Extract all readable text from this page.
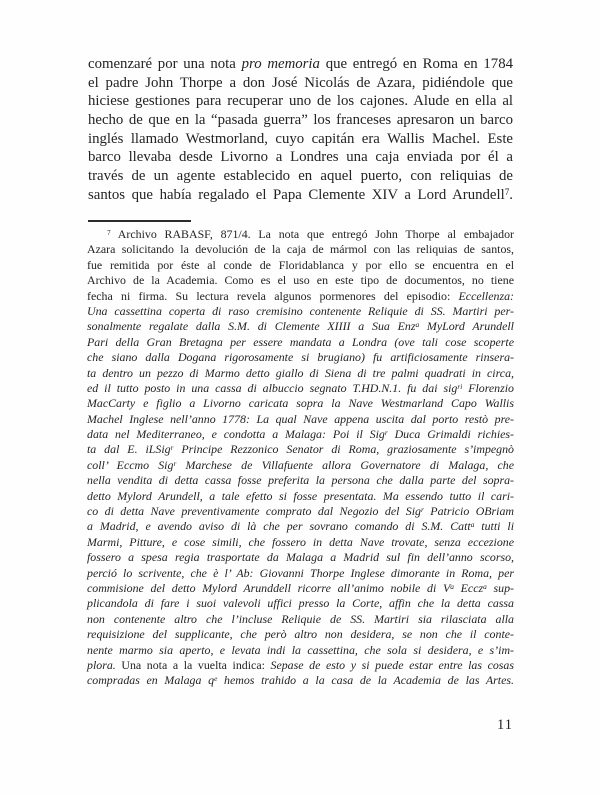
comenzaré por una nota pro memoria que entregó en Roma en 1784
el padre John Thorpe a don José Nicolás de Azara, pidiéndole que
hiciese gestiones para recuperar uno de los cajones. Alude en ella al
hecho de que en la “pasada guerra” los franceses apresaron un barco
inglés llamado Westmorland, cuyo capitán era Wallis Machel. Este
barco llevaba desde Livorno a Londres una caja enviada por él a
través de un agente establecido en aquel puerto, con reliquias de
santos que había regalado el Papa Clemente XIV a Lord Arundell$^7$.
$^7$ Archivo RABASF, 871/4. La nota que entregó John Thorpe al embajador
Azara solicitando la devolución de la caja de mármol con las reliquias de santos,
fue remitida por éste al conde de Floridablanca y por ello se encuentra en el
Archivo de la Academia. Como es el uso en este tipo de documentos, no tiene
fecha ni firma. Su lectura revela algunos pormenores del episodio: Eccellenza:
Una cassettina coperta di raso cremisino contenente Reliquie di SS. Martiri per-
sonalmente regalate dalla S.M. di Clemente XIIII a Sua Enz$^a$ MyLord Arundell
Pari della Gran Bretagna per essere mandata a Londra (ove tali cose scoperte
che siano dalla Dogana rigorosamente si brugiano) fu artificiosamente rinsera-
ta dentro un pezzo di Marmo detto giallo di Siena di tre palmi quadrati in circa,
ed il tutto posto in una cassa di albuccio segnato T.HD.N.1. fu dai sig$^{ri}$ Florenzio
MacCarty e figlio a Livorno caricata sopra la Nave Westmarland Capo Wallis
Machel Inglese nell’anno 1778: La qual Nave appena uscita dal porto restò pre-
data nel Mediterraneo, e condotta a Malaga: Poi il Sig$^r$ Duca Grimaldi richies-
ta dal E. iLSig$^r$ Principe Rezzonico Senator di Roma, graziosamente s’impegnò
coll’ Eccmo Sig$^r$ Marchese de Villafuente allora Governatore di Malaga, che
nella vendita di detta cassa fosse preferita la persona che dalla parte del sopra-
detto Mylord Arundell, a tale efetto si fosse presentata. Ma essendo tutto il cari-
co di detta Nave preventivamente comprato dal Negozio del Sig$^r$ Patricio OBriam
a Madrid, e avendo aviso di là che per sovrano comando di S.M. Catt$^a$ tutti li
Marmi, Pitture, e cose simili, che fossero in detta Nave trovate, senza eccezione
fossero a spesa regia trasportate da Malaga a Madrid sul fin dell’anno scorso,
perció lo scrivente, che è l’ Ab: Giovanni Thorpe Inglese dimorante in Roma, per
commisione del detto Mylord Arunddell ricorre all’animo nobile di $V^a$ Eccz$^a$ sup-
plicandola di fare i suoi valevoli uffici presso la Corte, affin che la detta cassa
non contenente altro che l’incluse Reliquie de SS. Martiri sia rilasciata alla
requisizione del supplicante, che però altro non desidera, se non che il conte-
nente marmo sia aperto, e levata indi la cassettina, che sola si desidera, e s’im-
plora. Una nota a la vuelta indica: Sepase de esto y si puede estar entre las cosas
compradas en Malaga $q^e$ hemos trahido a la casa de la Academia de las Artes.
11
